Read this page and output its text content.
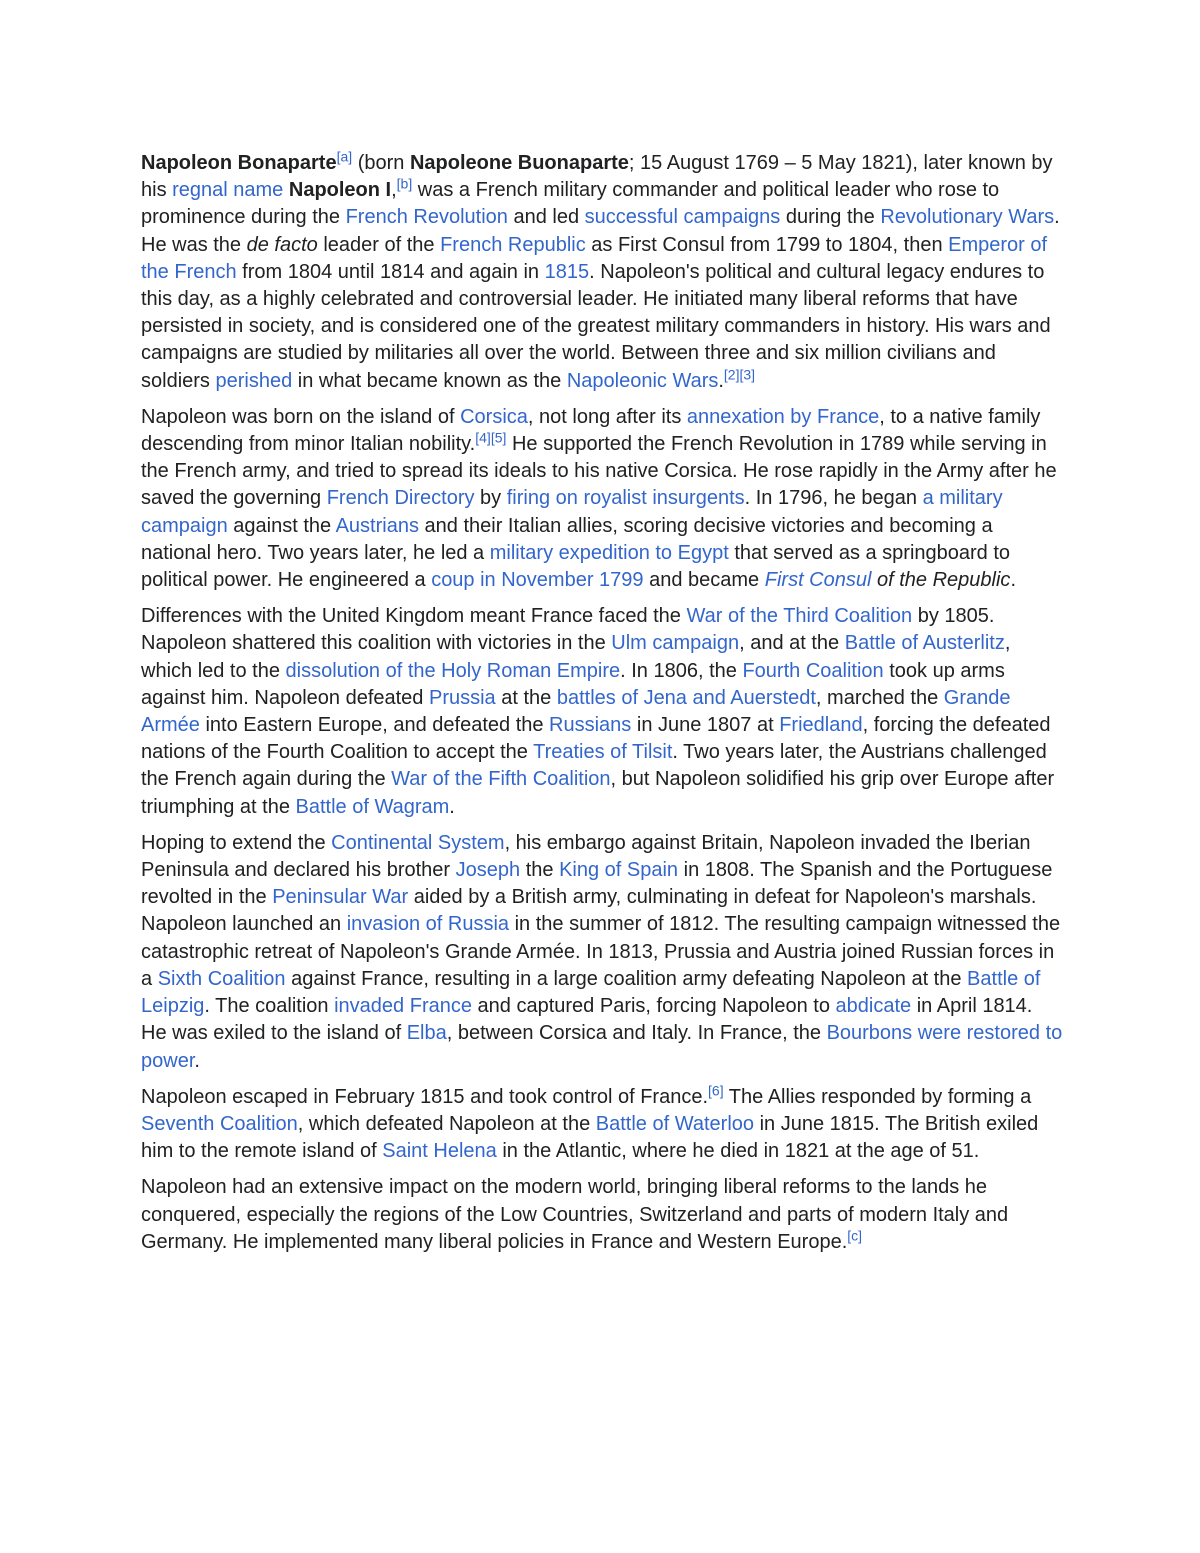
Napoleon Bonaparte[a] (born Napoleone Buonaparte; 15 August 1769 – 5 May 1821), later known by his regnal name Napoleon I,[b] was a French military commander and political leader who rose to prominence during the French Revolution and led successful campaigns during the Revolutionary Wars. He was the de facto leader of the French Republic as First Consul from 1799 to 1804, then Emperor of the French from 1804 until 1814 and again in 1815. Napoleon's political and cultural legacy endures to this day, as a highly celebrated and controversial leader. He initiated many liberal reforms that have persisted in society, and is considered one of the greatest military commanders in history. His wars and campaigns are studied by militaries all over the world. Between three and six million civilians and soldiers perished in what became known as the Napoleonic Wars.[2][3]

Napoleon was born on the island of Corsica, not long after its annexation by France, to a native family descending from minor Italian nobility.[4][5] He supported the French Revolution in 1789 while serving in the French army, and tried to spread its ideals to his native Corsica. He rose rapidly in the Army after he saved the governing French Directory by firing on royalist insurgents. In 1796, he began a military campaign against the Austrians and their Italian allies, scoring decisive victories and becoming a national hero. Two years later, he led a military expedition to Egypt that served as a springboard to political power. He engineered a coup in November 1799 and became First Consul of the Republic.

Differences with the United Kingdom meant France faced the War of the Third Coalition by 1805. Napoleon shattered this coalition with victories in the Ulm campaign, and at the Battle of Austerlitz, which led to the dissolution of the Holy Roman Empire. In 1806, the Fourth Coalition took up arms against him. Napoleon defeated Prussia at the battles of Jena and Auerstedt, marched the Grande Armée into Eastern Europe, and defeated the Russians in June 1807 at Friedland, forcing the defeated nations of the Fourth Coalition to accept the Treaties of Tilsit. Two years later, the Austrians challenged the French again during the War of the Fifth Coalition, but Napoleon solidified his grip over Europe after triumphing at the Battle of Wagram.

Hoping to extend the Continental System, his embargo against Britain, Napoleon invaded the Iberian Peninsula and declared his brother Joseph the King of Spain in 1808. The Spanish and the Portuguese revolted in the Peninsular War aided by a British army, culminating in defeat for Napoleon's marshals. Napoleon launched an invasion of Russia in the summer of 1812. The resulting campaign witnessed the catastrophic retreat of Napoleon's Grande Armée. In 1813, Prussia and Austria joined Russian forces in a Sixth Coalition against France, resulting in a large coalition army defeating Napoleon at the Battle of Leipzig. The coalition invaded France and captured Paris, forcing Napoleon to abdicate in April 1814. He was exiled to the island of Elba, between Corsica and Italy. In France, the Bourbons were restored to power.

Napoleon escaped in February 1815 and took control of France.[6] The Allies responded by forming a Seventh Coalition, which defeated Napoleon at the Battle of Waterloo in June 1815. The British exiled him to the remote island of Saint Helena in the Atlantic, where he died in 1821 at the age of 51.

Napoleon had an extensive impact on the modern world, bringing liberal reforms to the lands he conquered, especially the regions of the Low Countries, Switzerland and parts of modern Italy and Germany. He implemented many liberal policies in France and Western Europe.[c]
